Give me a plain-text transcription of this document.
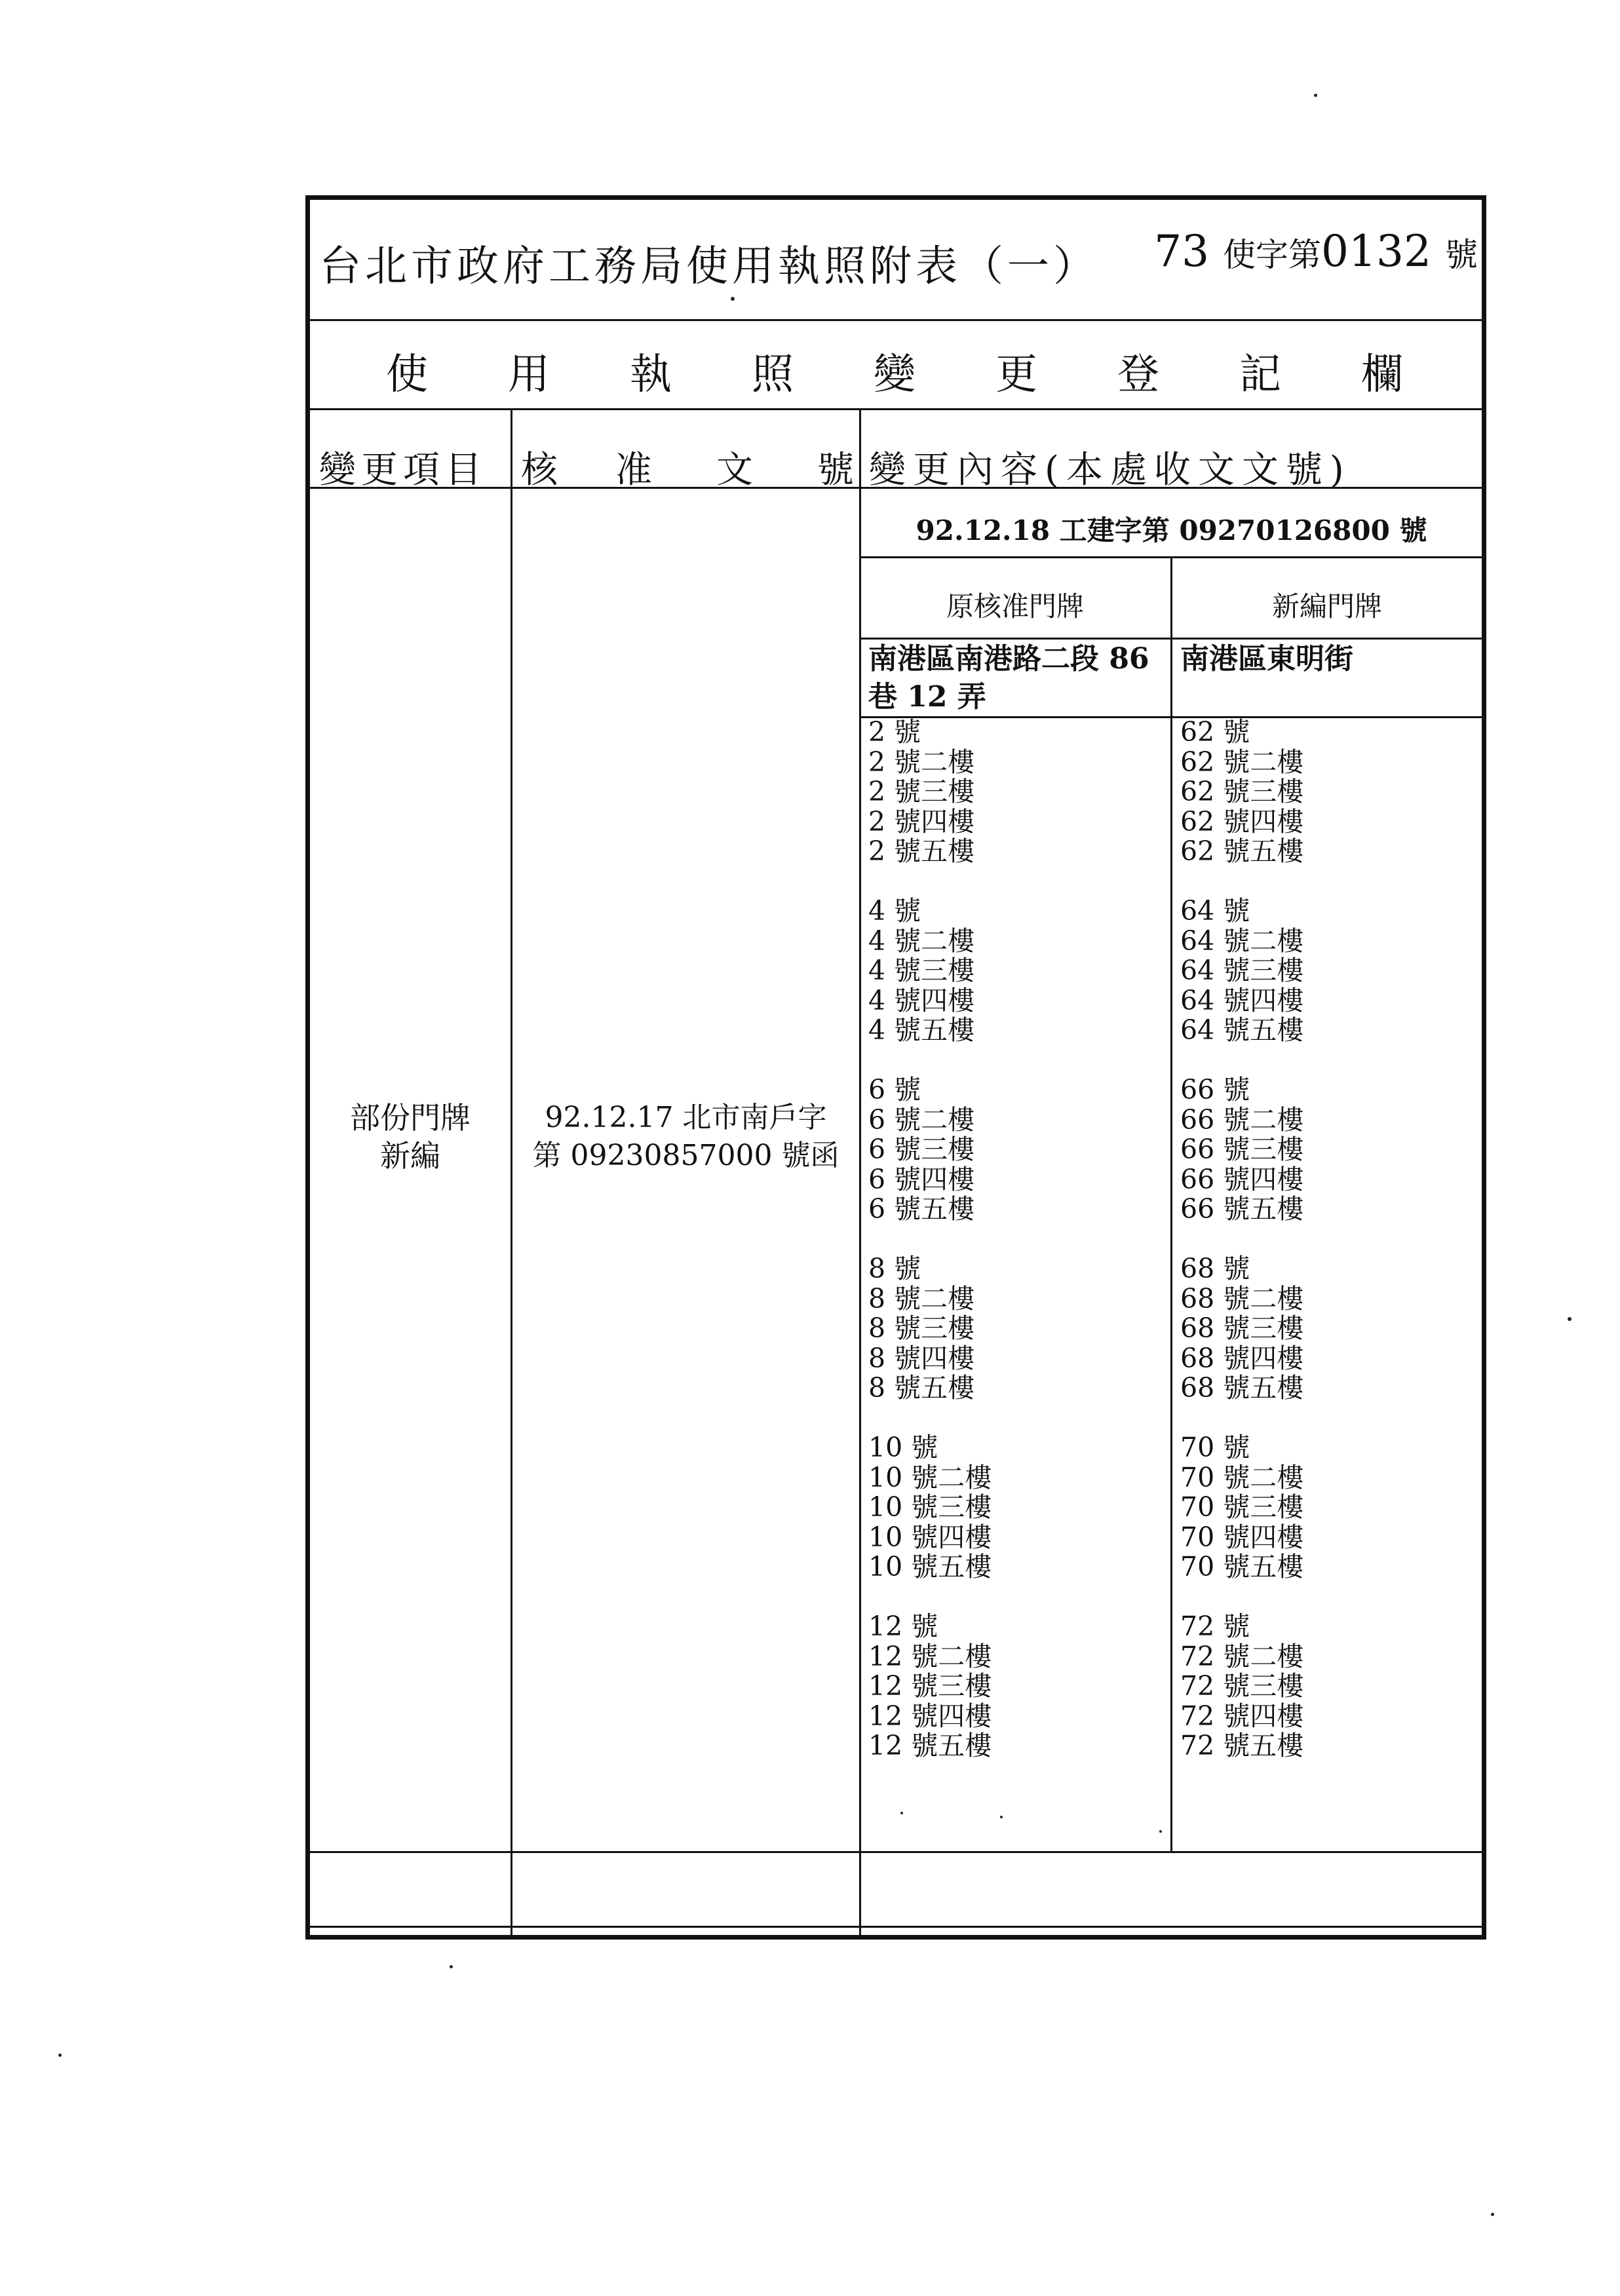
台北市政府工務局使用執照附表（一） 73 使字第0132 號
使 用 執 照 變 更 登 記 欄
變更項目 核 准 文 號 變更內容(本處收文文號)
部份門牌
新編
92.12.17 北市南戶字
第 09230857000 號函
92.12.18 工建字第 09270126800 號
原核准門牌	新編門牌
南港區南港路二段 86
巷 12 弄
南港區東明街
2 號
2 號二樓
2 號三樓
2 號四樓
2 號五樓
4 號
4 號二樓
4 號三樓
4 號四樓
4 號五樓
6 號
6 號二樓
6 號三樓
6 號四樓
6 號五樓
8 號
8 號二樓
8 號三樓
8 號四樓
8 號五樓
10 號
10 號二樓
10 號三樓
10 號四樓
10 號五樓
12 號
12 號二樓
12 號三樓
12 號四樓
12 號五樓
62 號
62 號二樓
62 號三樓
62 號四樓
62 號五樓
64 號
64 號二樓
64 號三樓
64 號四樓
64 號五樓
66 號
66 號二樓
66 號三樓
66 號四樓
66 號五樓
68 號
68 號二樓
68 號三樓
68 號四樓
68 號五樓
70 號
70 號二樓
70 號三樓
70 號四樓
70 號五樓
72 號
72 號二樓
72 號三樓
72 號四樓
72 號五樓
